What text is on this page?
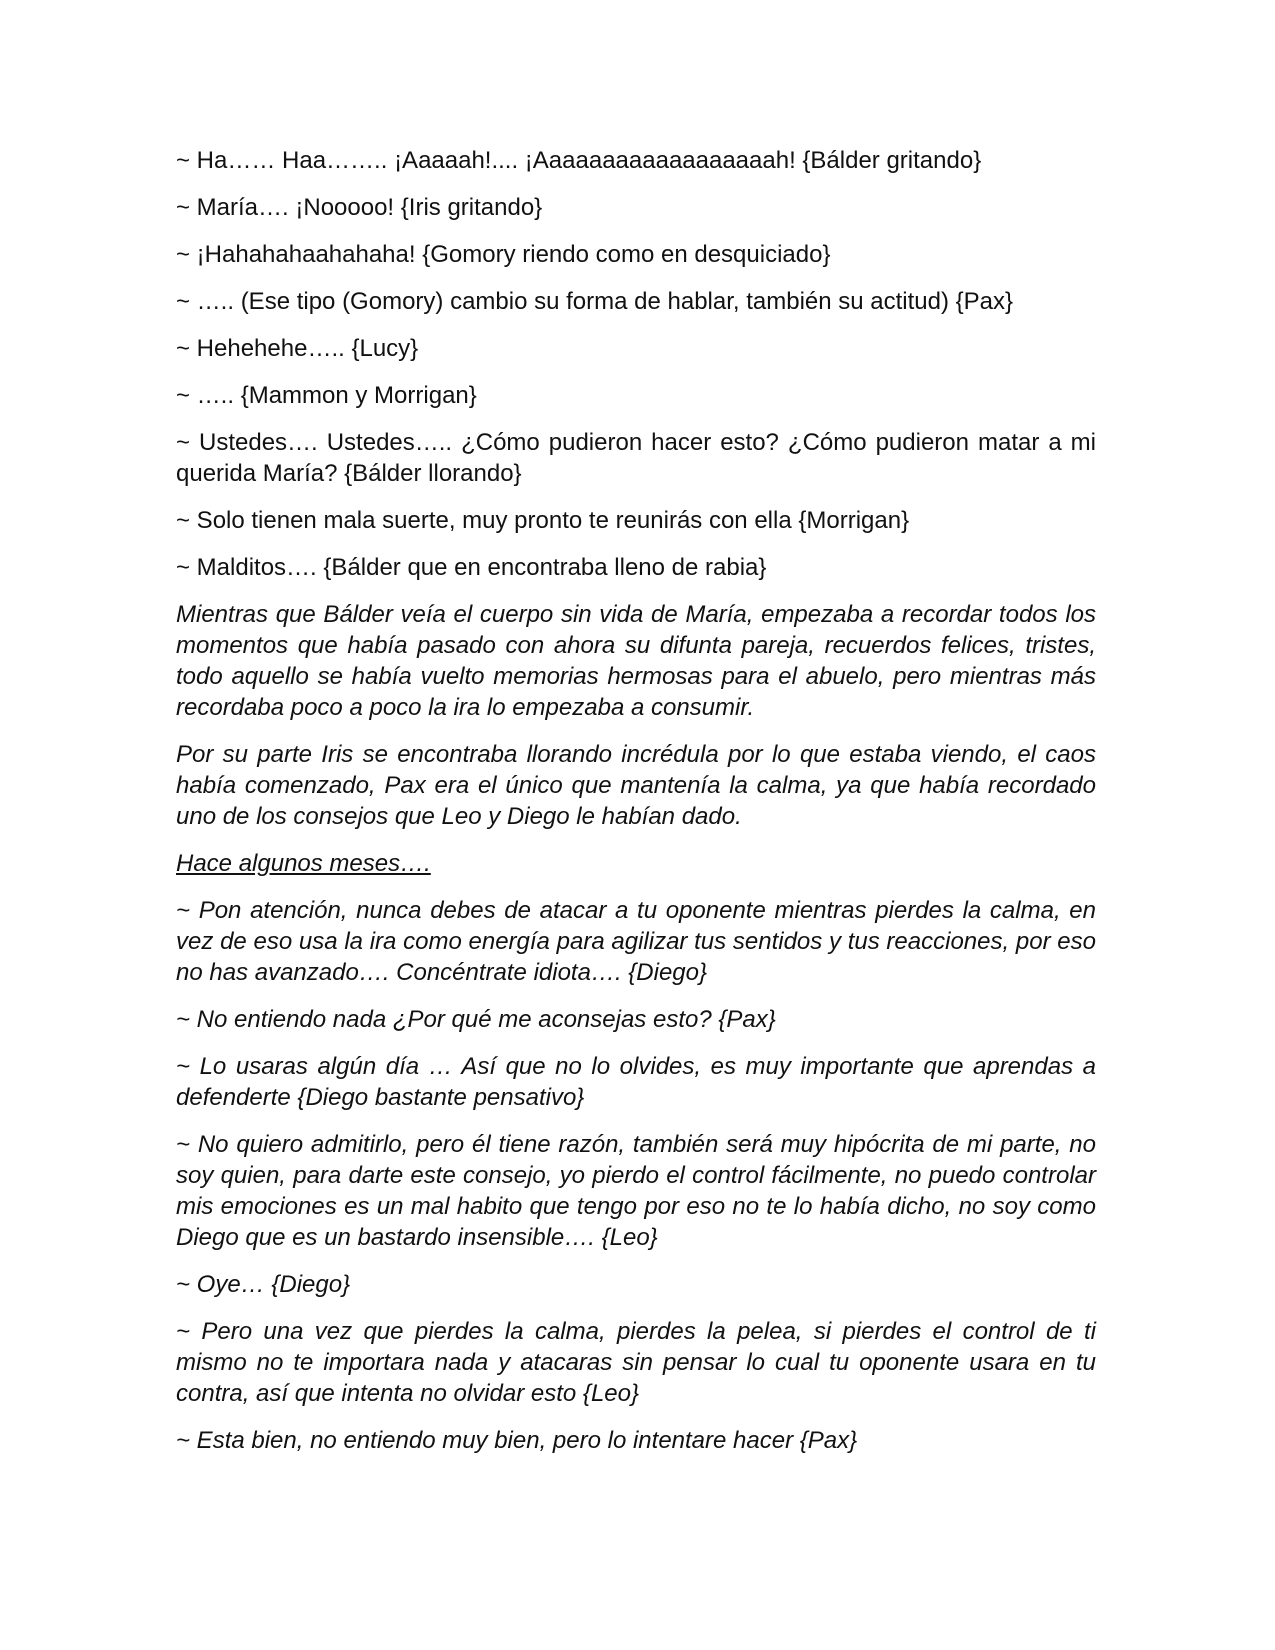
~ Ha…… Haa…….. ¡Aaaaah!.... ¡Aaaaaaaaaaaaaaaaaah! {Bálder gritando}

~ María…. ¡Nooooo! {Iris gritando}

~ ¡Hahahahaahahaha! {Gomory riendo como en desquiciado}

~ ….. (Ese tipo (Gomory) cambio su forma de hablar, también su actitud) {Pax}

~ Hehehehe….. {Lucy}

~ ….. {Mammon y Morrigan}

~ Ustedes…. Ustedes….. ¿Cómo pudieron hacer esto? ¿Cómo pudieron matar a mi querida María? {Bálder llorando}

~ Solo tienen mala suerte, muy pronto te reunirás con ella {Morrigan}

~ Malditos…. {Bálder que en encontraba lleno de rabia}

Mientras que Bálder veía el cuerpo sin vida de María, empezaba a recordar todos los momentos que había pasado con ahora su difunta pareja, recuerdos felices, tristes, todo aquello se había vuelto memorias hermosas para el abuelo, pero mientras más recordaba poco a poco la ira lo empezaba a consumir.

Por su parte Iris se encontraba llorando incrédula por lo que estaba viendo, el caos había comenzado, Pax era el único que mantenía la calma, ya que había recordado uno de los consejos que Leo y Diego le habían dado.

Hace algunos meses….

~ Pon atención, nunca debes de atacar a tu oponente mientras pierdes la calma, en vez de eso usa la ira como energía para agilizar tus sentidos y tus reacciones, por eso no has avanzado…. Concéntrate idiota…. {Diego}

~ No entiendo nada ¿Por qué me aconsejas esto? {Pax}

~ Lo usaras algún día … Así que no lo olvides, es muy importante que aprendas a defenderte {Diego bastante pensativo}

~ No quiero admitirlo, pero él tiene razón, también será muy hipócrita de mi parte, no soy quien, para darte este consejo, yo pierdo el control fácilmente, no puedo controlar mis emociones es un mal habito que tengo por eso no te lo había dicho, no soy como Diego que es un bastardo insensible…. {Leo}

~ Oye… {Diego}

~ Pero una vez que pierdes la calma, pierdes la pelea, si pierdes el control de ti mismo no te importara nada y atacaras sin pensar lo cual tu oponente usara en tu contra, así que intenta no olvidar esto {Leo}

~ Esta bien, no entiendo muy bien, pero lo intentare hacer {Pax}
